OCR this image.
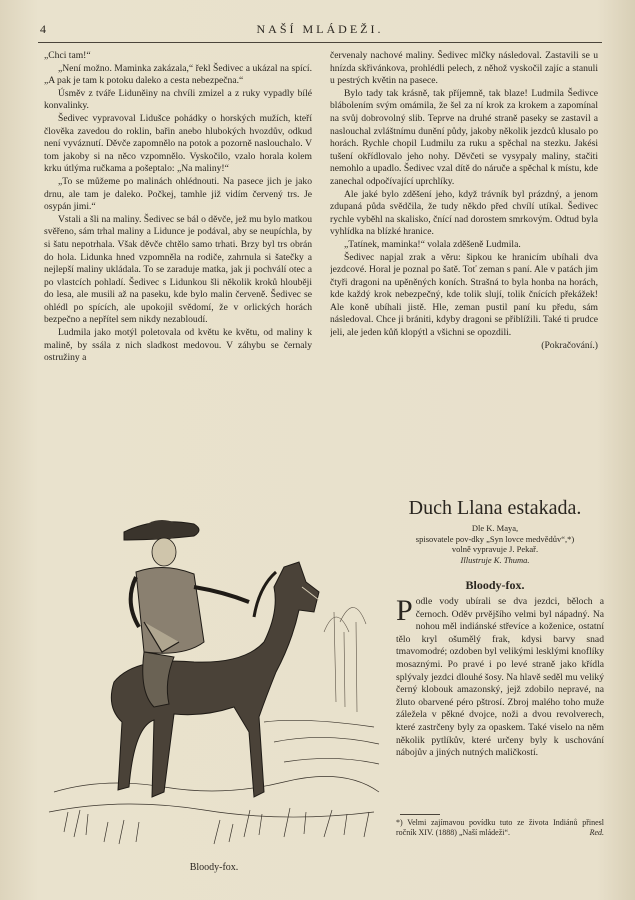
4	NAŠÍ MLÁDEŽI.

„Chci tam!“

„Není možno. Maminka zakázala,“ řekl Šedivec a ukázal na spící. „A pak je tam k potoku daleko a cesta nebezpečna.“

Úsměv z tváře Liduněiny na chvíli zmizel a z ruky vypadly bílé konvalinky.

Šedivec vypravoval Lidušce pohádky o horských mužích, kteří člověka zavedou do roklin, bařin anebo hlubokých hvozdův, odkud není vyváznutí. Děvče zapomnělo na potok a pozorně naslouchalo. V tom jakoby si na něco vzpomnělo. Vyskočilo, vzalo horala kolem krku útlýma ručkama a pošeptalo: „Na maliny!“

„To se můžeme po malinách ohlédnouti. Na pasece jich je jako drnu, ale tam je daleko. Počkej, tamhle již vidím červený trs. Je osypán jimi.“

Vstali a šli na maliny. Šedivec se bál o děvče, jež mu bylo matkou svěřeno, sám trhal maliny a Lidunce je podával, aby se neupíchla, by si šatu nepotrhala. Však děvče chtělo samo trhati. Brzy byl trs obrán do hola. Lidunka hned vzpomněla na rodiče, zahrnula si šatečky a nejlepší maliny ukládala. To se zaraduje matka, jak ji pochválí otec a po vlastcích pohladí. Šedivec s Lidunkou šli několik kroků hlouběji do lesa, ale musili až na paseku, kde bylo malin červeně. Šedivec se ohlédl po spících, ale upokojil svědomí, že v orlických horách bezpečno a nepřítel sem nikdy nezabloudí.

Ludmila jako motýl poletovala od květu ke květu, od maliny k malině, by ssála z nich sladkost medovou. V záhybu se černaly ostružiny a

červenaly nachové maliny. Šedivec mlčky následoval. Zastavili se u hnízda skřivánkova, prohlédli pelech, z něhož vyskočil zajíc a stanuli u pestrých květin na pasece.

Bylo tady tak krásně, tak příjemně, tak blaze! Ludmila Šedivce blábolením svým omámila, že šel za ní krok za krokem a zapomínal na svůj dobrovolný slib. Teprve na druhé straně paseky se zastavil a naslouchal zvláštnímu dunění půdy, jakoby několik jezdců klusalo po horách. Rychle chopil Ludmilu za ruku a spěchal na stezku. Jakési tušení okřídlovalo jeho nohy. Děvčeti se vysypaly maliny, stačiti nemohlo a upadlo. Šedivec vzal dítě do náruče a spěchal k místu, kde zanechal odpočívající uprchlíky.

Ale jaké bylo zděšení jeho, když trávník byl prázdný, a jenom zdupaná půda svědčila, že tudy někdo před chvílí utíkal. Šedivec rychle vyběhl na skalisko, čnící nad dorostem smrkovým. Odtud byla vyhlídka na blízké hranice.

„Tatínek, maminka!“ volala zděšeně Ludmila.

Šedivec napjal zrak a věru: šipkou ke hranicím ubíhali dva jezdcové. Horal je poznal po šatě. Toť zeman s paní. Ale v patách jim čtyři dragoni na upěněných koních. Strašná to byla honba na horách, kde každý krok nebezpečný, kde tolik slují, tolik čnících překážek! Ale koně ubíhali jistě. Hle, zeman pustil paní ku předu, sám následoval. Chce ji brániti, kdyby dragoni se přiblížili. Také ti prudce jeli, ale jeden kůň klopýtl a všichni se opozdili.

(Pokračování.)

Bloody-fox.
Duch Llana estakada.

Dle K. Maya,

spisovatele pov-dky „Syn lovce medvědův“,*)

volně vypravuje J. Pekař.

Illustruje K. Thuma.

Bloody-fox.

Podle vody ubírali se dva jezdci, běloch a černoch. Oděv prvějšího velmi byl nápadný. Na nohou měl indiánské střevíce a koženice, ostatní tělo kryl ošumělý frak, kdysi barvy snad tmavomodré; ozdoben byl velikými lesklými knoflíky mosaznými. Po pravé i po levé straně jako křídla splývaly jezdci dlouhé šosy. Na hlavě seděl mu veliký černý klobouk amazonský, jejž zdobilo nepravé, na žluto obarvené péro pštrosí. Zbroj malého toho muže záležela v pěkné dvojce, noži a dvou revolverech, které zastrčeny byly za opaskem. Také viselo na něm několik pytlíkův, které určeny byly k uschování nábojův a jiných nutných maličkostí.

*) Velmi zajímavou povídku tuto ze života Indiánů přinesl ročník XIV. (1888) „Naší mládeži“.	Red.
